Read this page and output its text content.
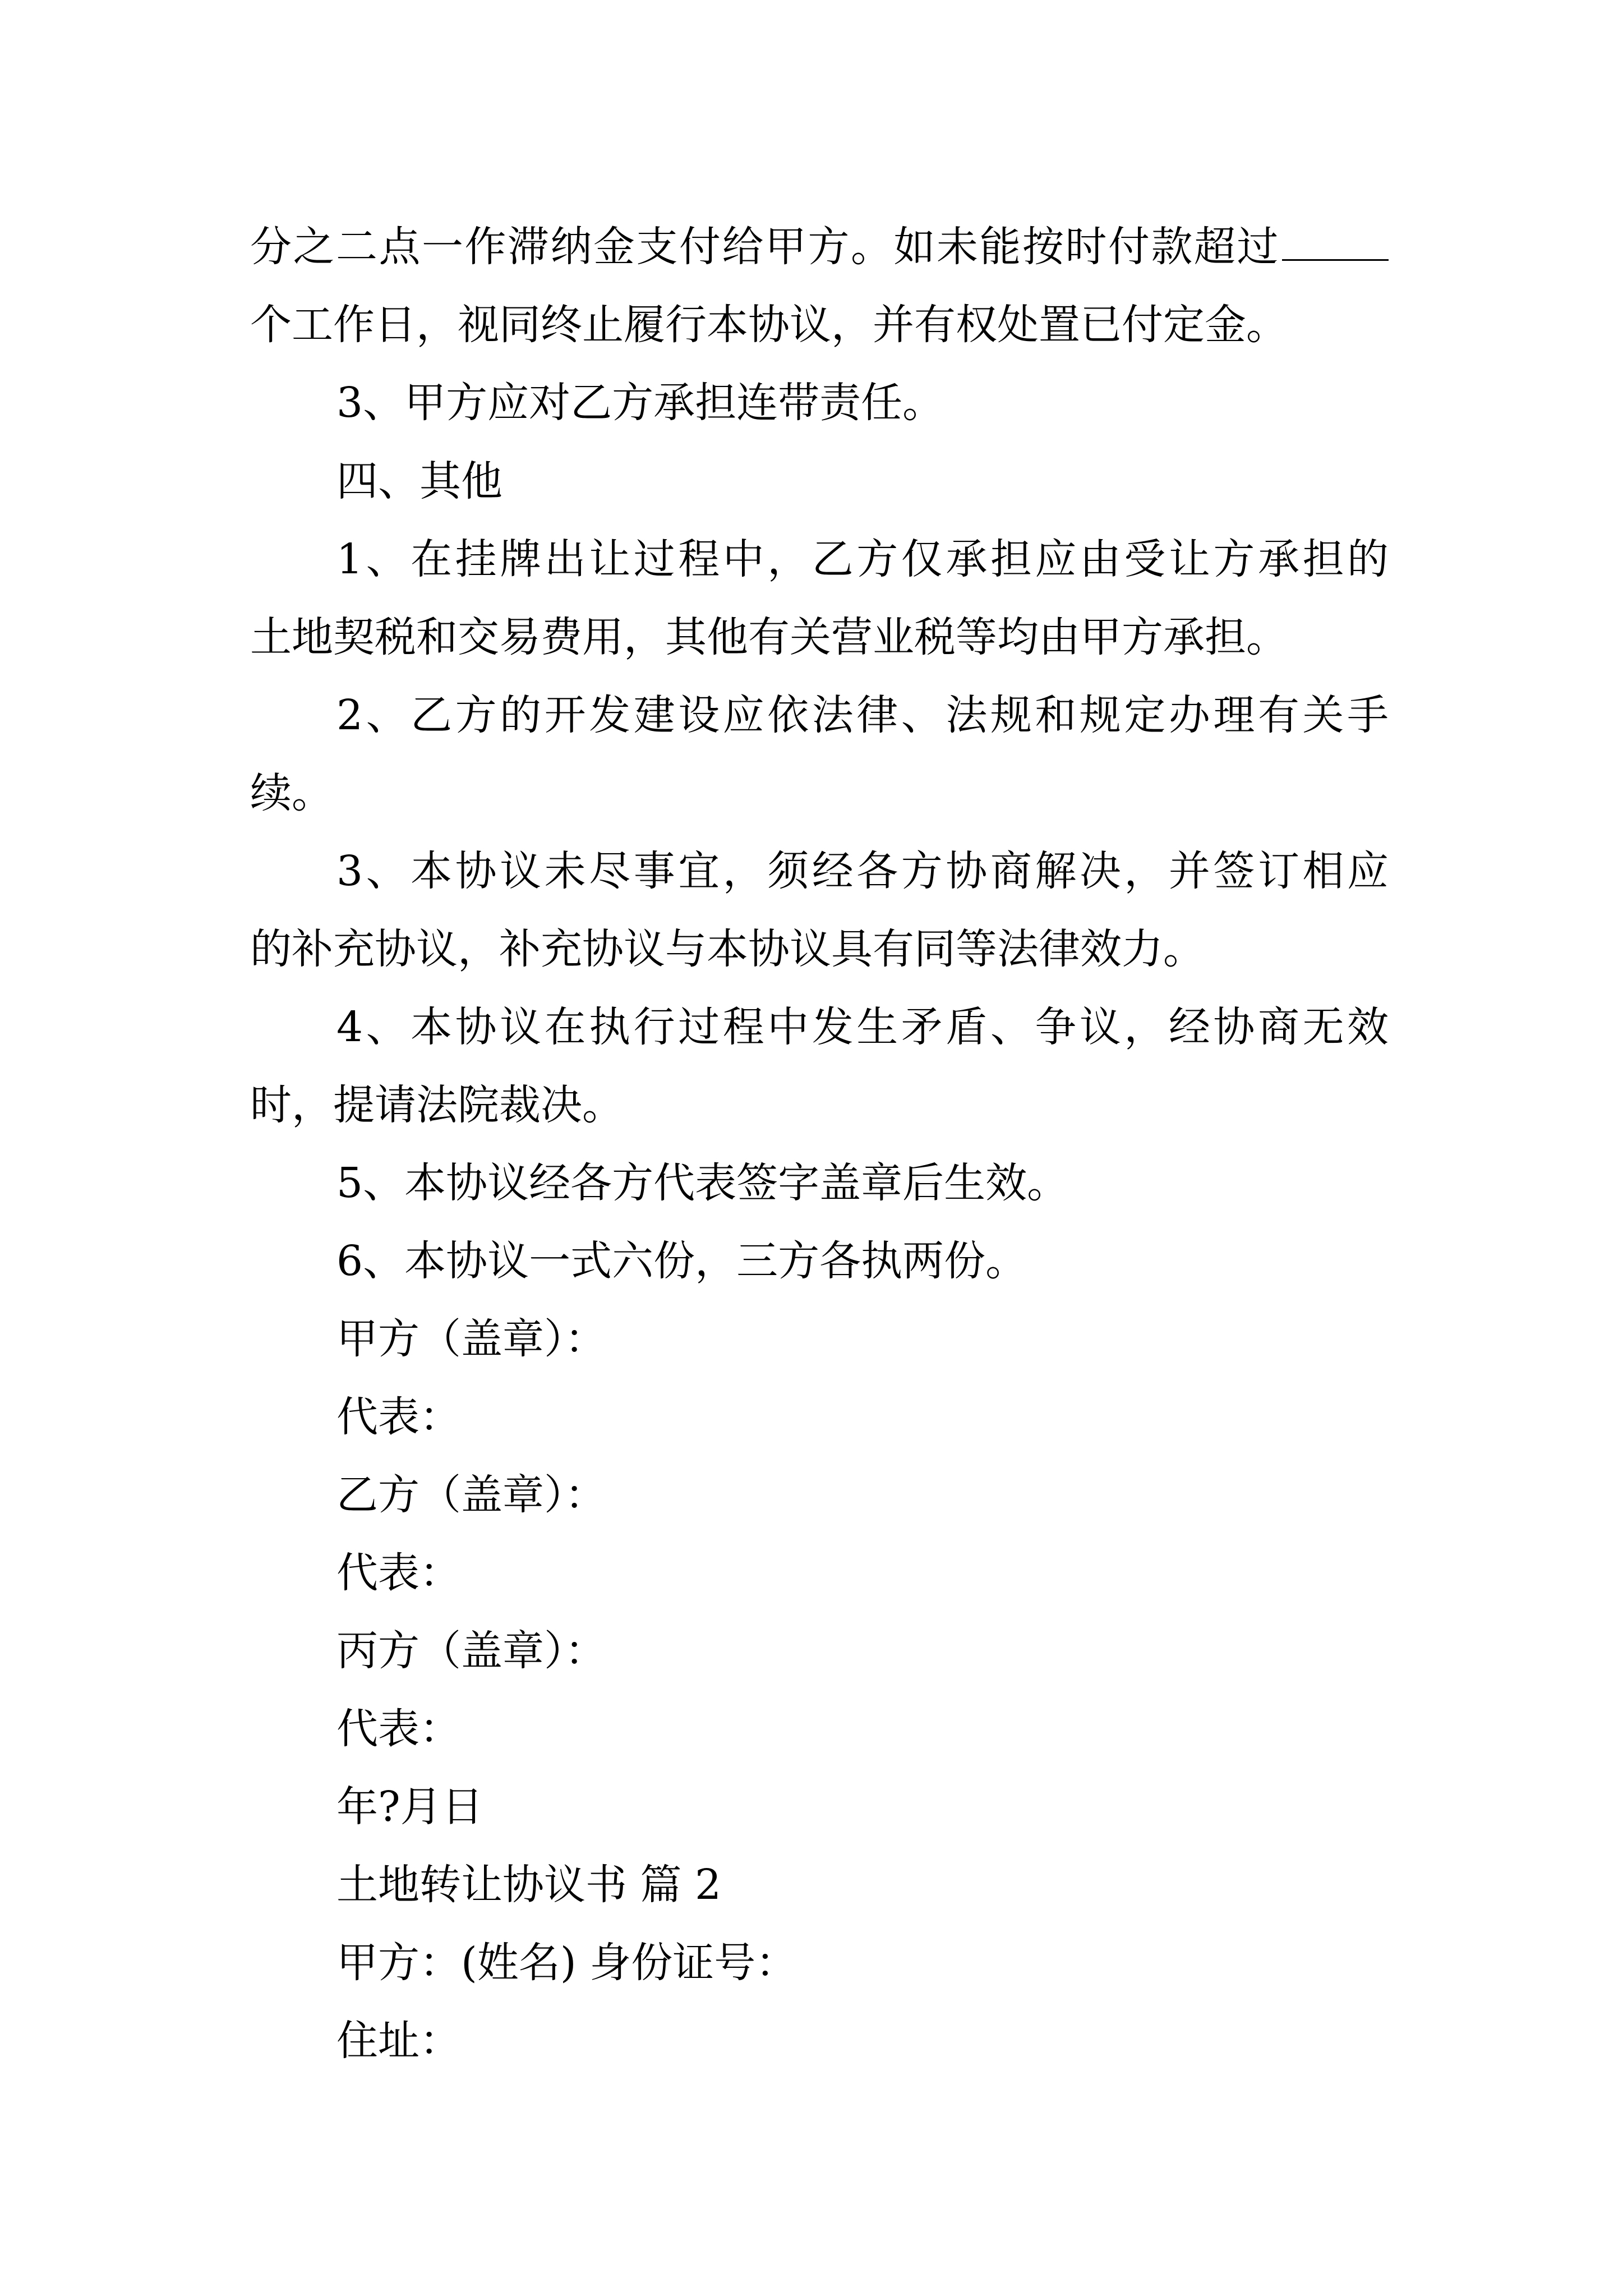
分之二点一作滞纳金支付给甲方。如未能按时付款超过
个工作日，视同终止履行本协议，并有权处置已付定金。
3、甲方应对乙方承担连带责任。
四、其他
1、在挂牌出让过程中，乙方仅承担应由受让方承担的
土地契税和交易费用，其他有关营业税等均由甲方承担。
2、乙方的开发建设应依法律、法规和规定办理有关手
续。
3、本协议未尽事宜，须经各方协商解决，并签订相应
的补充协议，补充协议与本协议具有同等法律效力。
4、本协议在执行过程中发生矛盾、争议，经协商无效
时，提请法院裁决。
5、本协议经各方代表签字盖章后生效。
6、本协议一式六份，三方各执两份。
甲方（盖章）：
代表：
乙方（盖章）：
代表：
丙方（盖章）：
代表：
年?月日
土地转让协议书 篇 2
甲方：(姓名) 身份证号：
住址：
